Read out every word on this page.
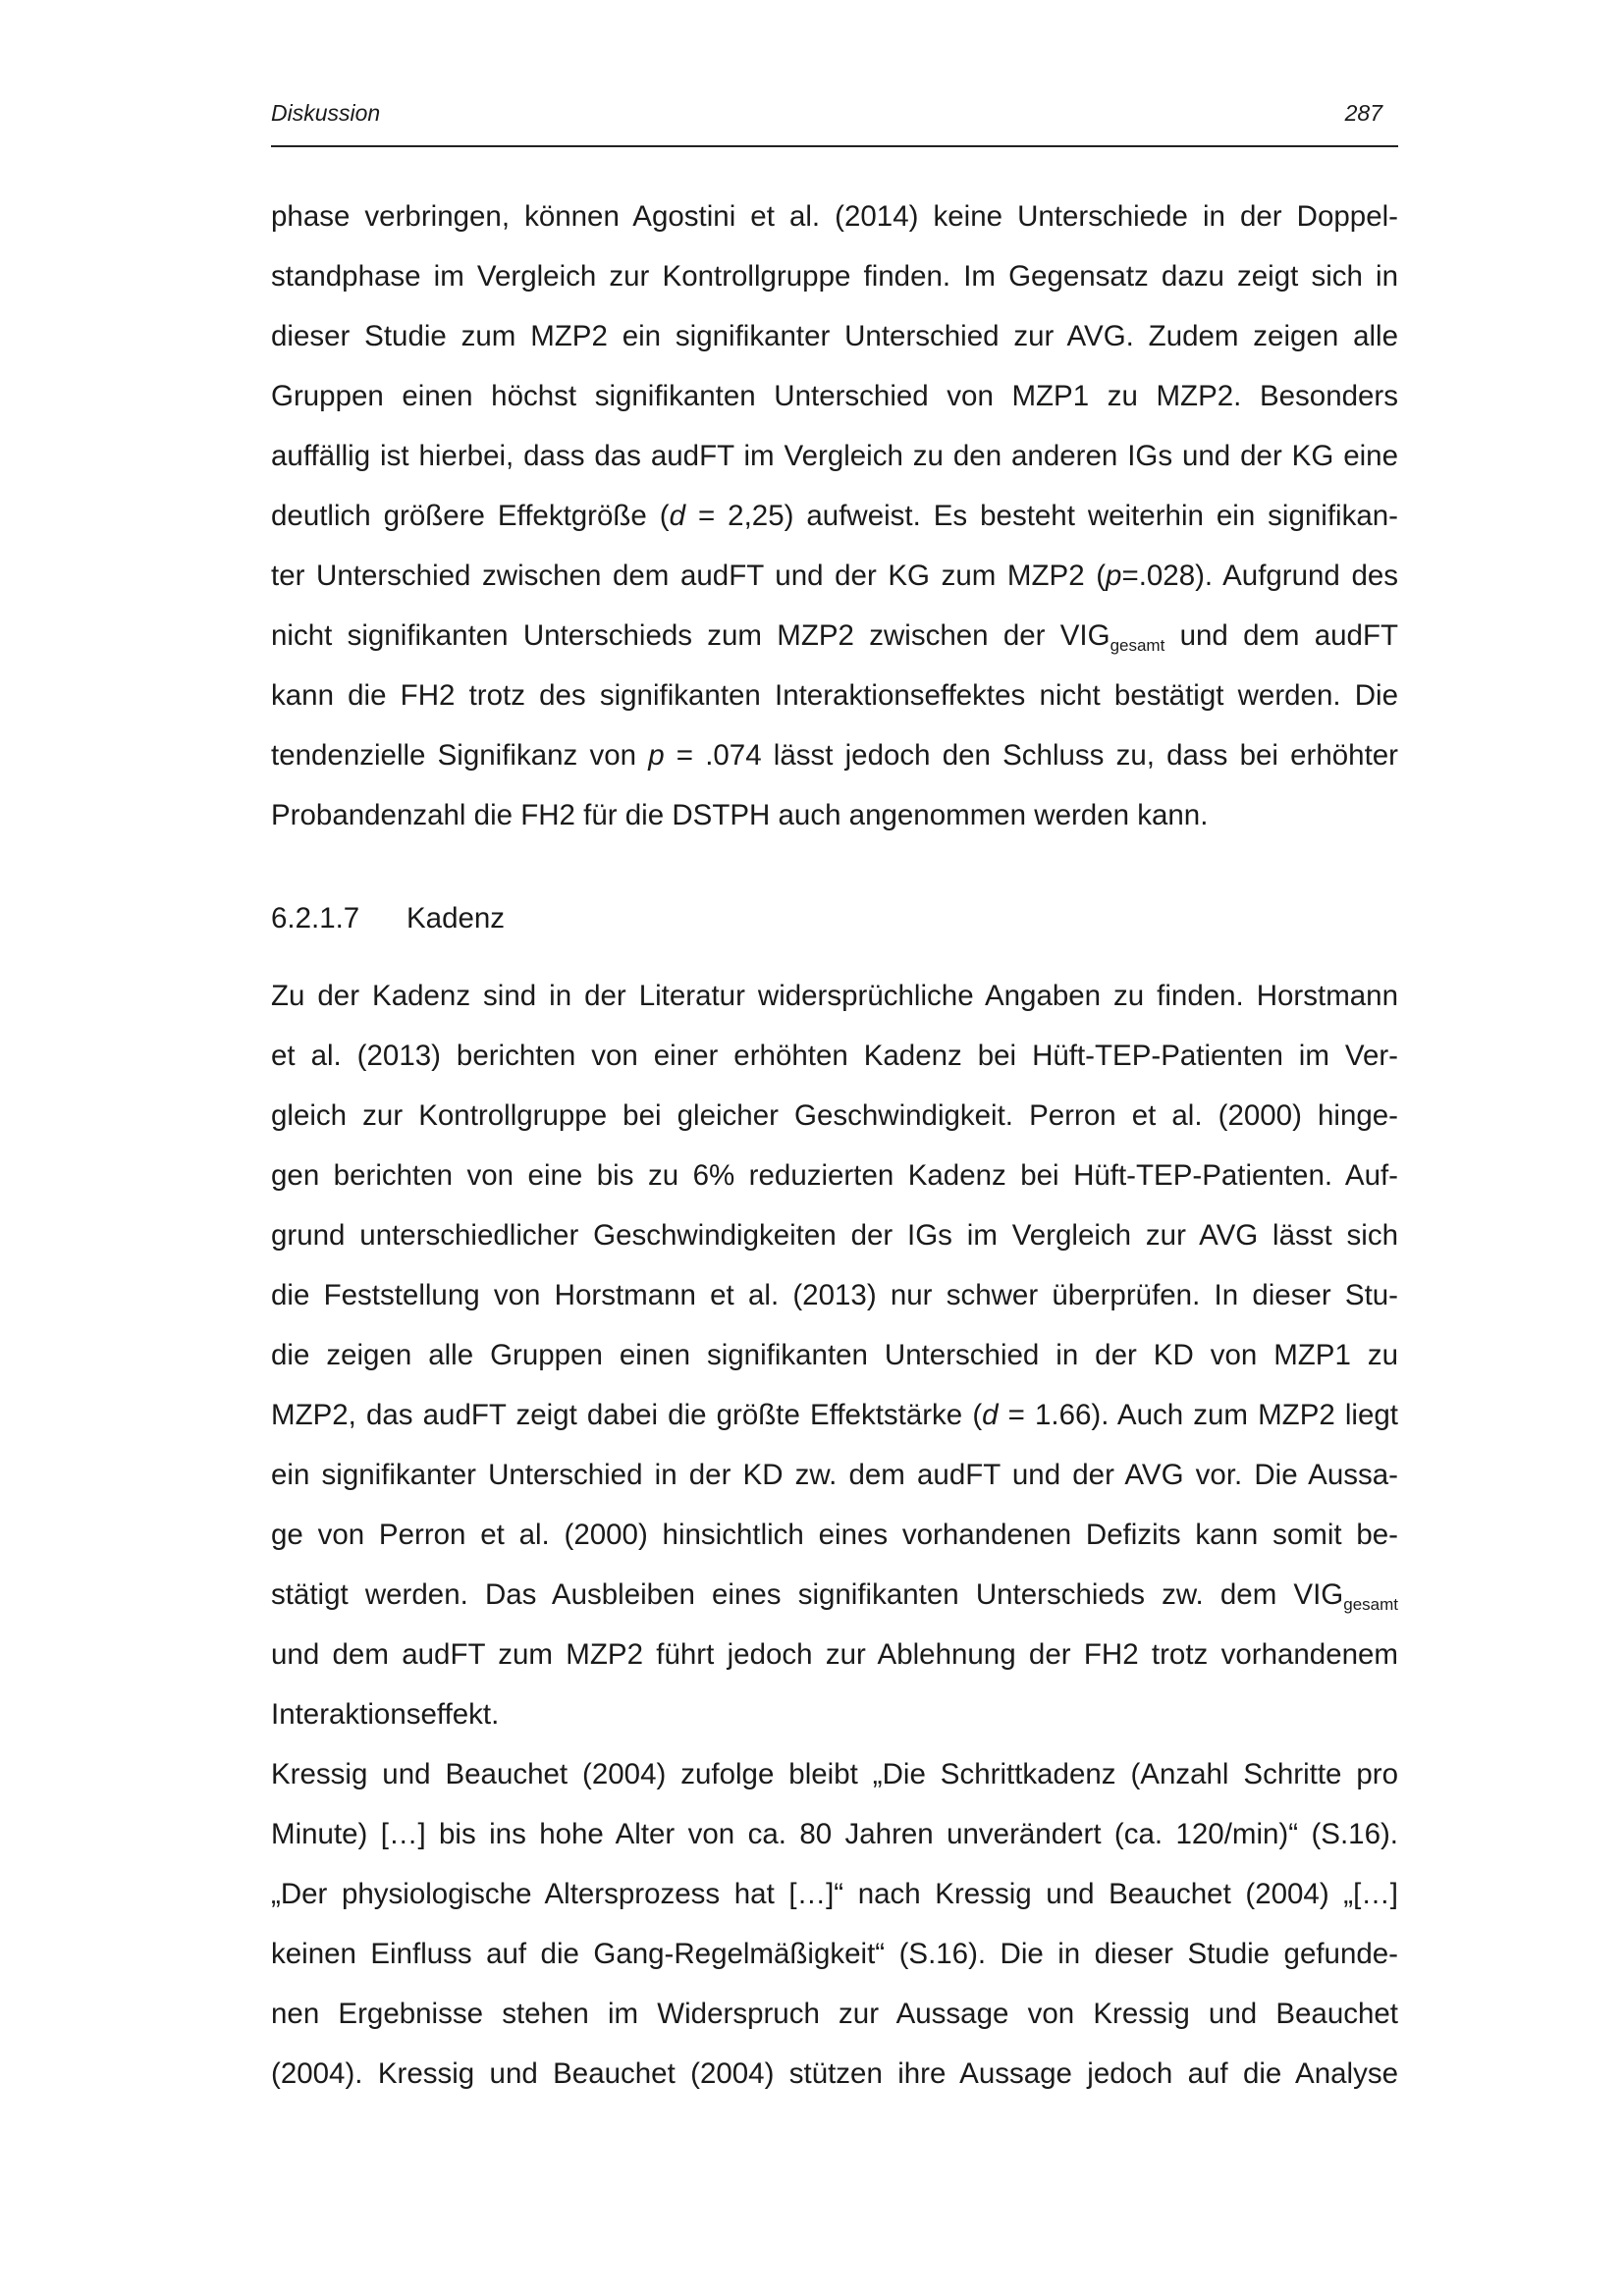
Diskussion	287

phase verbringen, können Agostini et al. (2014) keine Unterschiede in der Doppel-
standphase im Vergleich zur Kontrollgruppe finden. Im Gegensatz dazu zeigt sich in
dieser Studie zum MZP2 ein signifikanter Unterschied zur AVG. Zudem zeigen alle
Gruppen einen höchst signifikanten Unterschied von MZP1 zu MZP2. Besonders
auffällig ist hierbei, dass das audFT im Vergleich zu den anderen IGs und der KG eine
deutlich größere Effektgröße (d = 2,25) aufweist. Es besteht weiterhin ein signifikan-
ter Unterschied zwischen dem audFT und der KG zum MZP2 (p=.028). Aufgrund des
nicht signifikanten Unterschieds zum MZP2 zwischen der $VIG_{gesamt}$ und dem audFT
kann die FH2 trotz des signifikanten Interaktionseffektes nicht bestätigt werden. Die
tendenzielle Signifikanz von p = .074 lässt jedoch den Schluss zu, dass bei erhöhter
Probandenzahl die FH2 für die DSTPH auch angenommen werden kann.

6.2.1.7 Kadenz

Zu der Kadenz sind in der Literatur widersprüchliche Angaben zu finden. Horstmann
et al. (2013) berichten von einer erhöhten Kadenz bei Hüft-TEP-Patienten im Ver-
gleich zur Kontrollgruppe bei gleicher Geschwindigkeit. Perron et al. (2000) hinge-
gen berichten von eine bis zu 6% reduzierten Kadenz bei Hüft-TEP-Patienten. Auf-
grund unterschiedlicher Geschwindigkeiten der IGs im Vergleich zur AVG lässt sich
die Feststellung von Horstmann et al. (2013) nur schwer überprüfen. In dieser Stu-
die zeigen alle Gruppen einen signifikanten Unterschied in der KD von MZP1 zu
MZP2, das audFT zeigt dabei die größte Effektstärke (d = 1.66). Auch zum MZP2 liegt
ein signifikanter Unterschied in der KD zw. dem audFT und der AVG vor. Die Aussa-
ge von Perron et al. (2000) hinsichtlich eines vorhandenen Defizits kann somit be-
stätigt werden. Das Ausbleiben eines signifikanten Unterschieds zw. dem $VIG_{gesamt}$
und dem audFT zum MZP2 führt jedoch zur Ablehnung der FH2 trotz vorhandenem
Interaktionseffekt.

Kressig und Beauchet (2004) zufolge bleibt „Die Schrittkadenz (Anzahl Schritte pro
Minute) […] bis ins hohe Alter von ca. 80 Jahren unverändert (ca. 120/min)“ (S.16).
„Der physiologische Altersprozess hat […]“ nach Kressig und Beauchet (2004) „[…]
keinen Einfluss auf die Gang-Regelmäßigkeit“ (S.16). Die in dieser Studie gefunde-
nen Ergebnisse stehen im Widerspruch zur Aussage von Kressig und Beauchet
(2004). Kressig und Beauchet (2004) stützen ihre Aussage jedoch auf die Analyse
